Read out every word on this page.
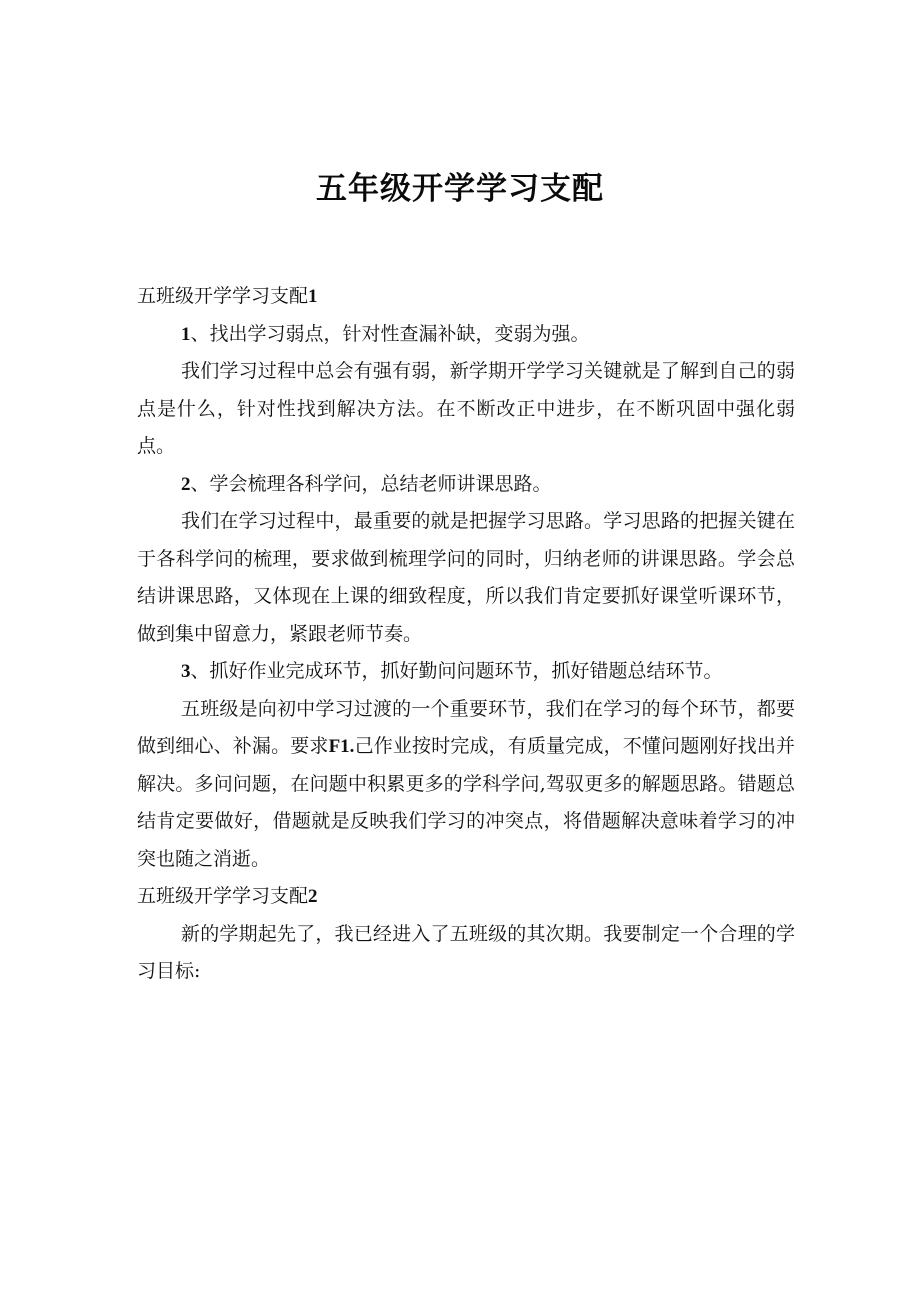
五年级开学学习支配

五班级开学学习支配1

1、找出学习弱点，针对性查漏补缺，变弱为强。

我们学习过程中总会有强有弱，新学期开学学习关键就是了解到自己的弱点是什么，针对性找到解决方法。在不断改正中进步，在不断巩固中强化弱点。

2、学会梳理各科学问，总结老师讲课思路。

我们在学习过程中，最重要的就是把握学习思路。学习思路的把握关键在于各科学问的梳理，要求做到梳理学问的同时，归纳老师的讲课思路。学会总结讲课思路，又体现在上课的细致程度，所以我们肯定要抓好课堂听课环节，做到集中留意力，紧跟老师节奏。

3、抓好作业完成环节，抓好勤问问题环节，抓好错题总结环节。

五班级是向初中学习过渡的一个重要环节，我们在学习的每个环节，都要做到细心、补漏。要求F1.己作业按时完成，有质量完成，不懂问题刚好找出并解决。多问问题，在问题中积累更多的学科学问,驾驭更多的解题思路。错题总结肯定要做好，借题就是反映我们学习的冲突点，将借题解决意味着学习的冲突也随之消逝。

五班级开学学习支配2

新的学期起先了，我已经进入了五班级的其次期。我要制定一个合理的学习目标:
